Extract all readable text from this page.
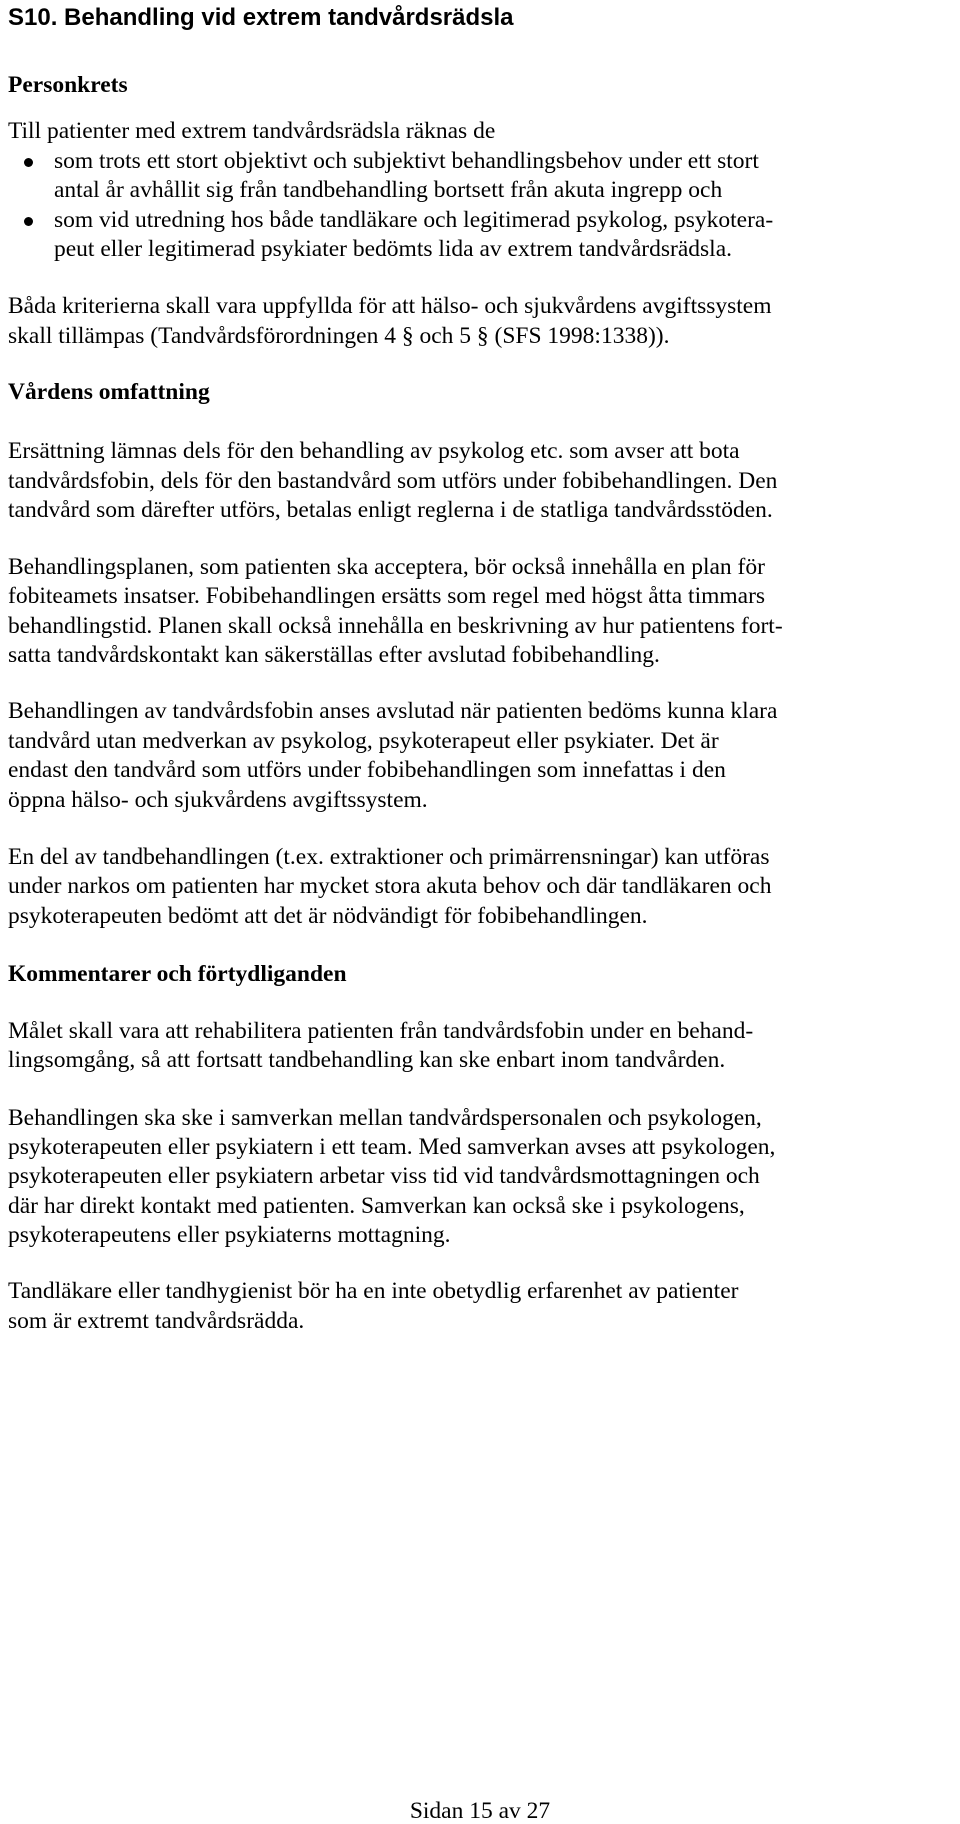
S10. Behandling vid extrem tandvårdsrädsla
Personkrets
Till patienter med extrem tandvårdsrädsla räknas de
som trots ett stort objektivt och subjektivt behandlingsbehov under ett stort
antal år avhållit sig från tandbehandling bortsett från akuta ingrepp och
som vid utredning hos både tandläkare och legitimerad psykolog, psykotera-
peut eller legitimerad psykiater bedömts lida av extrem tandvårdsrädsla.
Båda kriterierna skall vara uppfyllda för att hälso- och sjukvårdens avgiftssystem
skall tillämpas (Tandvårdsförordningen 4 § och 5 § (SFS 1998:1338)).
Vårdens omfattning
Ersättning lämnas dels för den behandling av psykolog etc. som avser att bota
tandvårdsfobin, dels för den bastandvård som utförs under fobibehandlingen. Den
tandvård som därefter utförs, betalas enligt reglerna i de statliga tandvårdsstöden.
Behandlingsplanen, som patienten ska acceptera, bör också innehålla en plan för
fobiteamets insatser. Fobibehandlingen ersätts som regel med högst åtta timmars
behandlingstid. Planen skall också innehålla en beskrivning av hur patientens fort-
satta tandvårdskontakt kan säkerställas efter avslutad fobibehandling.
Behandlingen av tandvårdsfobin anses avslutad när patienten bedöms kunna klara
tandvård utan medverkan av psykolog, psykoterapeut eller psykiater. Det är
endast den tandvård som utförs under fobibehandlingen som innefattas i den
öppna hälso- och sjukvårdens avgiftssystem.
En del av tandbehandlingen (t.ex. extraktioner och primärrensningar) kan utföras
under narkos om patienten har mycket stora akuta behov och där tandläkaren och
psykoterapeuten bedömt att det är nödvändigt för fobibehandlingen.
Kommentarer och förtydliganden
Målet skall vara att rehabilitera patienten från tandvårdsfobin under en behand-
lingsomgång, så att fortsatt tandbehandling kan ske enbart inom tandvården.
Behandlingen ska ske i samverkan mellan tandvårdspersonalen och psykologen,
psykoterapeuten eller psykiatern i ett team. Med samverkan avses att psykologen,
psykoterapeuten eller psykiatern arbetar viss tid vid tandvårdsmottagningen och
där har direkt kontakt med patienten. Samverkan kan också ske i psykologens,
psykoterapeutens eller psykiaterns mottagning.
Tandläkare eller tandhygienist bör ha en inte obetydlig erfarenhet av patienter
som är extremt tandvårdsrädda.
Sidan 15 av 27
